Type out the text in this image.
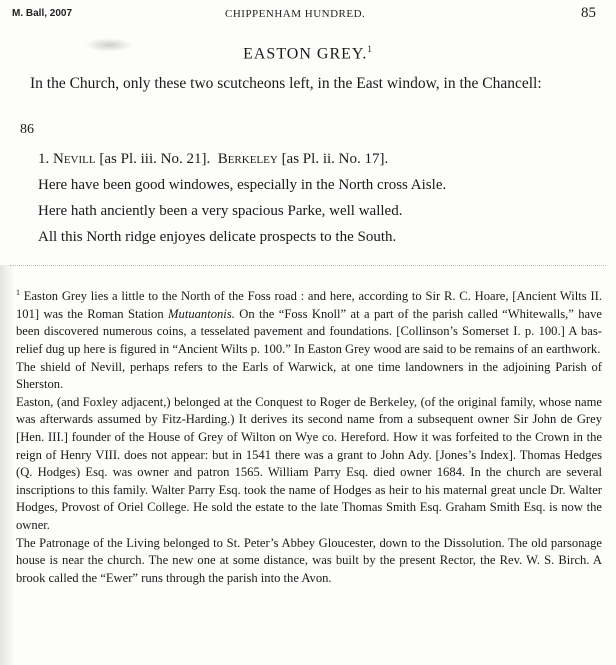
M. Ball, 2007	CHIPPENHAM HUNDRED.	85
EASTON GREY.$^1$
In the Church, only these two scutcheons left, in the East window, in the Chancell:
86
1. Nevill [as Pl. iii. No. 21]. Berkeley [as Pl. ii. No. 17].
Here have been good windowes, especially in the North cross Aisle.
Here hath anciently been a very spacious Parke, well walled.
All this North ridge enjoyes delicate prospects to the South.
$^1$ Easton Grey lies a little to the North of the Foss road : and here, according to Sir R. C. Hoare, [Ancient Wilts II. 101] was the Roman Station Mutuantonis. On the “Foss Knoll” at a part of the parish called “Whitewalls,” have been discovered numerous coins, a tesselated pavement and foundations. [Collinson’s Somerset I. p. 100.] A bas-relief dug up here is figured in “Ancient Wilts p. 100.” In Easton Grey wood are said to be remains of an earthwork.
The shield of Nevill, perhaps refers to the Earls of Warwick, at one time landowners in the adjoining Parish of Sherston.
Easton, (and Foxley adjacent,) belonged at the Conquest to Roger de Berkeley, (of the original family, whose name was afterwards assumed by Fitz-Harding.) It derives its second name from a subsequent owner Sir John de Grey [Hen. III.] founder of the House of Grey of Wilton on Wye co. Hereford. How it was forfeited to the Crown in the reign of Henry VIII. does not appear: but in 1541 there was a grant to John Ady. [Jones’s Index]. Thomas Hedges (Q. Hodges) Esq. was owner and patron 1565. William Parry Esq. died owner 1684. In the church are several inscriptions to this family. Walter Parry Esq. took the name of Hodges as heir to his maternal great uncle Dr. Walter Hodges, Provost of Oriel College. He sold the estate to the late Thomas Smith Esq. Graham Smith Esq. is now the owner.
The Patronage of the Living belonged to St. Peter’s Abbey Gloucester, down to the Dissolution. The old parsonage house is near the church. The new one at some distance, was built by the present Rector, the Rev. W. S. Birch. A brook called the “Ewer” runs through the parish into the Avon.
